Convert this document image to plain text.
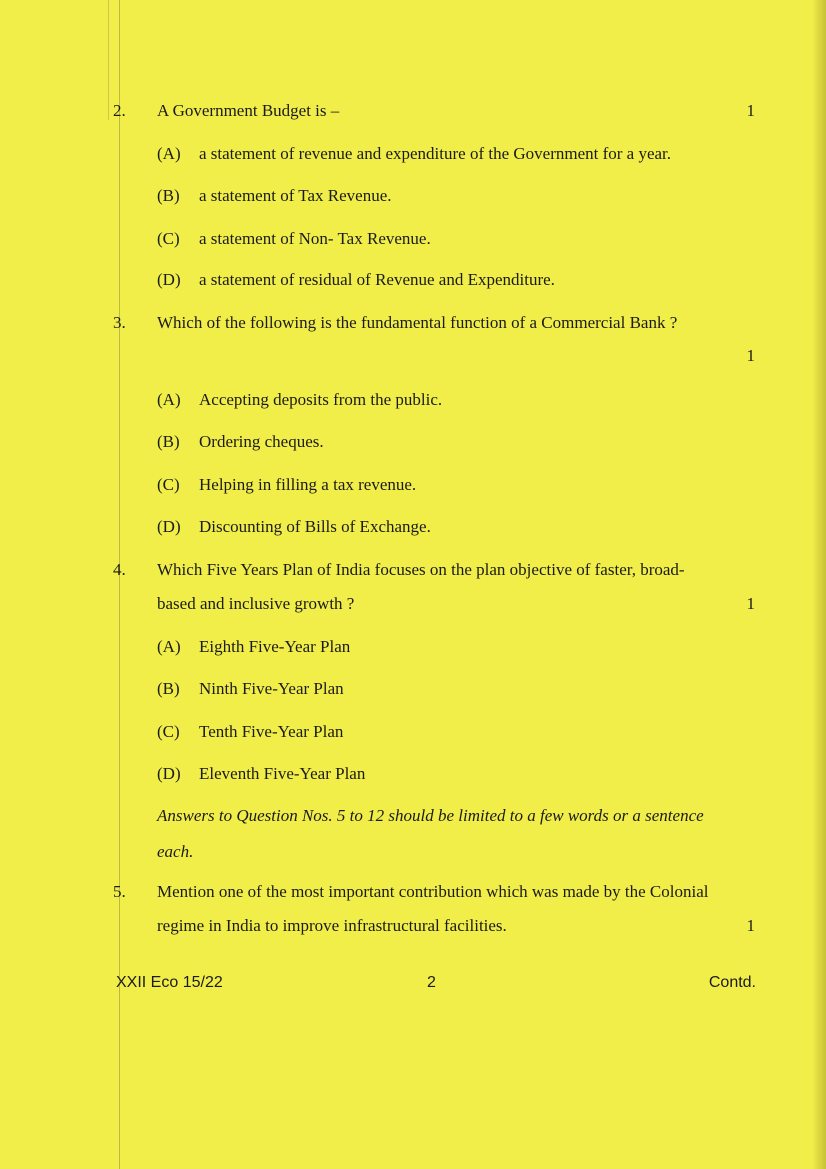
2. A Government Budget is –	1
(A) a statement of revenue and expenditure of the Government for a year.
(B) a statement of Tax Revenue.
(C) a statement of Non- Tax Revenue.
(D) a statement of residual of Revenue and Expenditure.
3. Which of the following is the fundamental function of a Commercial Bank ?
1
(A) Accepting deposits from the public.
(B) Ordering cheques.
(C) Helping in filling a tax revenue.
(D) Discounting of Bills of Exchange.
4. Which Five Years Plan of India focuses on the plan objective of faster, broad-
based and inclusive growth ?	1
(A) Eighth Five-Year Plan
(B) Ninth Five-Year Plan
(C) Tenth Five-Year Plan
(D) Eleventh Five-Year Plan
Answers to Question Nos. 5 to 12 should be limited to a few words or a sentence
each.
5. Mention one of the most important contribution which was made by the Colonial
regime in India to improve infrastructural facilities.	1
XXII Eco 15/22	2	Contd.
